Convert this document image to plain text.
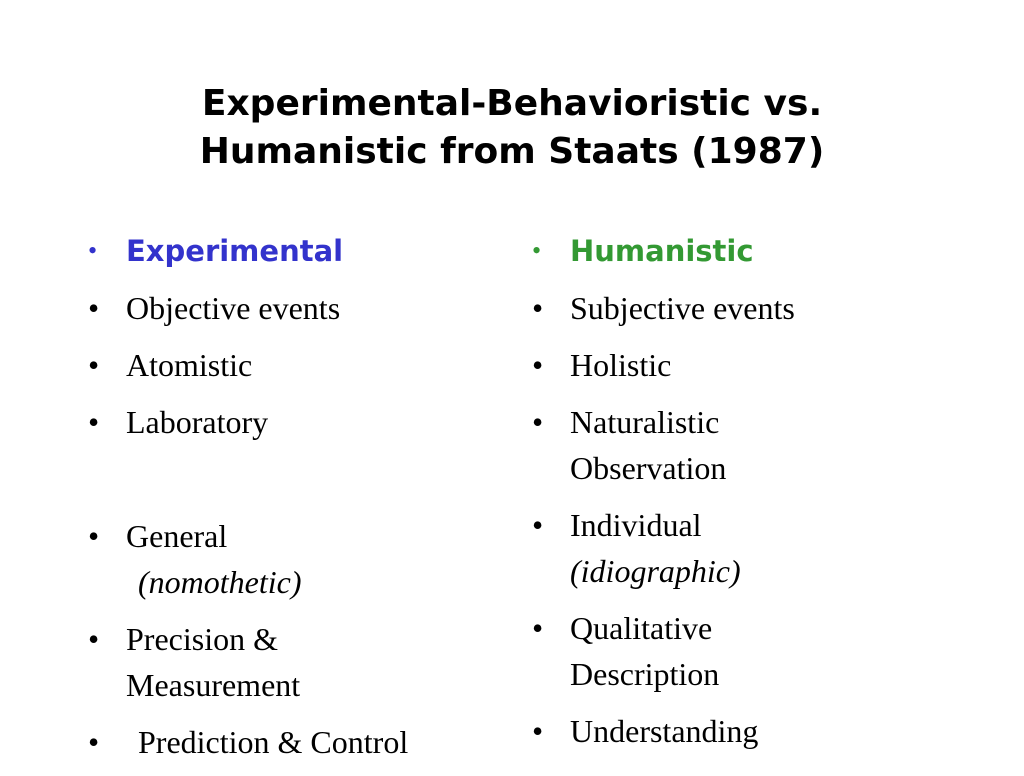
Experimental-Behavioristic vs.
Humanistic from Staats (1987)
• Experimental
• Objective events
• Atomistic
• Laboratory
• General
(nomothetic)
• Precision &
Measurement
• Prediction & Control
• Humanistic
• Subjective events
• Holistic
• Naturalistic
Observation
• Individual
(idiographic)
• Qualitative
Description
• Understanding
